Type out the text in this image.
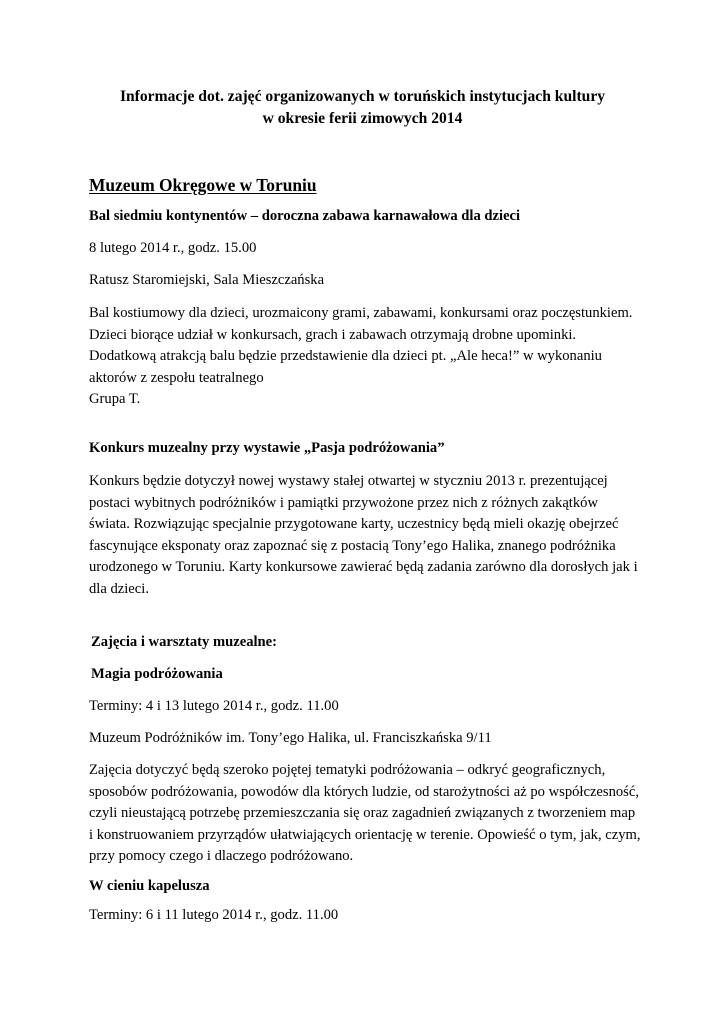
Informacje dot. zajęć organizowanych w toruńskich instytucjach kultury

w okresie ferii zimowych 2014

Muzeum Okręgowe w Toruniu

Bal siedmiu kontynentów – doroczna zabawa karnawałowa dla dzieci

8 lutego 2014 r., godz. 15.00

Ratusz Staromiejski, Sala Mieszczańska

Bal kostiumowy dla dzieci, urozmaicony grami, zabawami, konkursami oraz poczęstunkiem.
Dzieci biorące udział w konkursach, grach i zabawach otrzymają drobne upominki.
Dodatkową atrakcją balu będzie przedstawienie dla dzieci pt. „Ale heca!” w wykonaniu
aktorów z zespołu teatralnego
Grupa T.

Konkurs muzealny przy wystawie „Pasja podróżowania”

Konkurs będzie dotyczył nowej wystawy stałej otwartej w styczniu 2013 r. prezentującej
postaci wybitnych podróżników i pamiątki przywożone przez nich z różnych zakątków
świata. Rozwiązując specjalnie przygotowane karty, uczestnicy będą mieli okazję obejrzeć
fascynujące eksponaty oraz zapoznać się z postacią Tony’ego Halika, znanego podróżnika
urodzonego w Toruniu. Karty konkursowe zawierać będą zadania zarówno dla dorosłych jak i
dla dzieci.

Zajęcia i warsztaty muzealne:

Magia podróżowania

Terminy: 4 i 13 lutego 2014 r., godz. 11.00

Muzeum Podróżników im. Tony’ego Halika, ul. Franciszkańska 9/11

Zajęcia dotyczyć będą szeroko pojętej tematyki podróżowania – odkryć geograficznych,
sposobów podróżowania, powodów dla których ludzie, od starożytności aż po współczesność,
czyli nieustającą potrzebę przemieszczania się oraz zagadnień związanych z tworzeniem map
i konstruowaniem przyrządów ułatwiających orientację w terenie. Opowieść o tym, jak, czym,
przy pomocy czego i dlaczego podróżowano.

W cieniu kapelusza

Terminy: 6 i 11 lutego 2014 r., godz. 11.00
